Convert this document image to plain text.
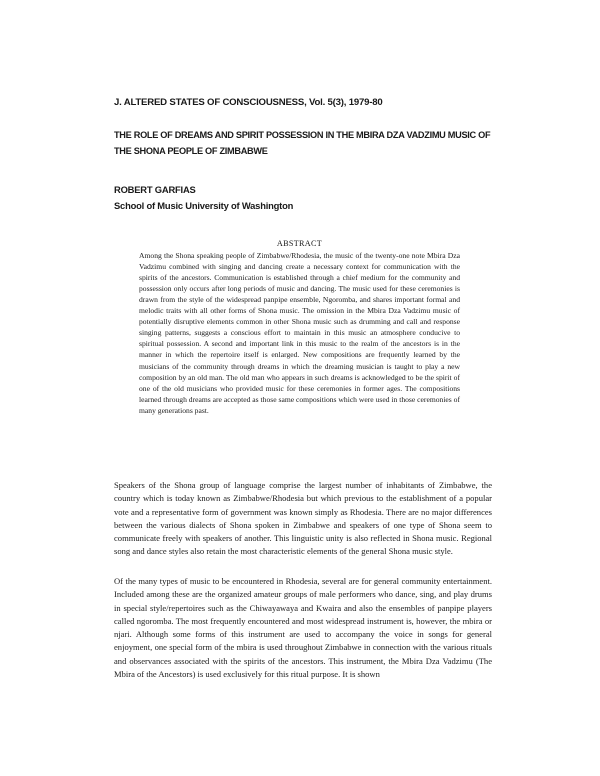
J. ALTERED STATES OF CONSCIOUSNESS, Vol. 5(3), 1979-80
THE ROLE OF DREAMS AND SPIRIT POSSESSION IN THE MBIRA DZA VADZIMU MUSIC OF THE SHONA PEOPLE OF ZIMBABWE
ROBERT GARFIAS
School of Music University of Washington
ABSTRACT

Among the Shona speaking people of Zimbabwe/Rhodesia, the music of the twenty-one note Mbira Dza Vadzimu combined with singing and dancing create a necessary context for communication with the spirits of the ancestors. Communication is established through a chief medium for the community and possession only occurs after long periods of music and dancing. The music used for these ceremonies is drawn from the style of the widespread panpipe ensemble, Ngoromba, and shares important formal and melodic traits with all other forms of Shona music. The omission in the Mbira Dza Vadzimu music of potentially disruptive elements common in other Shona music such as drumming and call and response singing patterns, suggests a conscious effort to maintain in this music an atmosphere conducive to spiritual possession. A second and important link in this music to the realm of the ancestors is in the manner in which the repertoire itself is enlarged. New compositions are frequently learned by the musicians of the community through dreams in which the dreaming musician is taught to play a new composition by an old man. The old man who appears in such dreams is acknowledged to be the spirit of one of the old musicians who provided music for these ceremonies in former ages. The compositions learned through dreams are accepted as those same compositions which were used in those ceremonies of many generations past.

Speakers of the Shona group of language comprise the largest number of inhabitants of Zimbabwe, the country which is today known as Zimbabwe/Rhodesia but which previous to the establishment of a popular vote and a representative form of government was known simply as Rhodesia. There are no major differences between the various dialects of Shona spoken in Zimbabwe and speakers of one type of Shona seem to communicate freely with speakers of another. This linguistic unity is also reflected in Shona music. Regional song and dance styles also retain the most characteristic elements of the general Shona music style.

Of the many types of music to be encountered in Rhodesia, several are for general community entertainment. Included among these are the organized amateur groups of male performers who dance, sing, and play drums in special style/repertoires such as the Chiwayawaya and Kwaira and also the ensembles of panpipe players called ngoromba. The most frequently encountered and most widespread instrument is, however, the mbira or njari. Although some forms of this instrument are used to accompany the voice in songs for general enjoyment, one special form of the mbira is used throughout Zimbabwe in connection with the various rituals and observances associated with the spirits of the ancestors. This instrument, the Mbira Dza Vadzimu (The Mbira of the Ancestors) is used exclusively for this ritual purpose. It is shown
